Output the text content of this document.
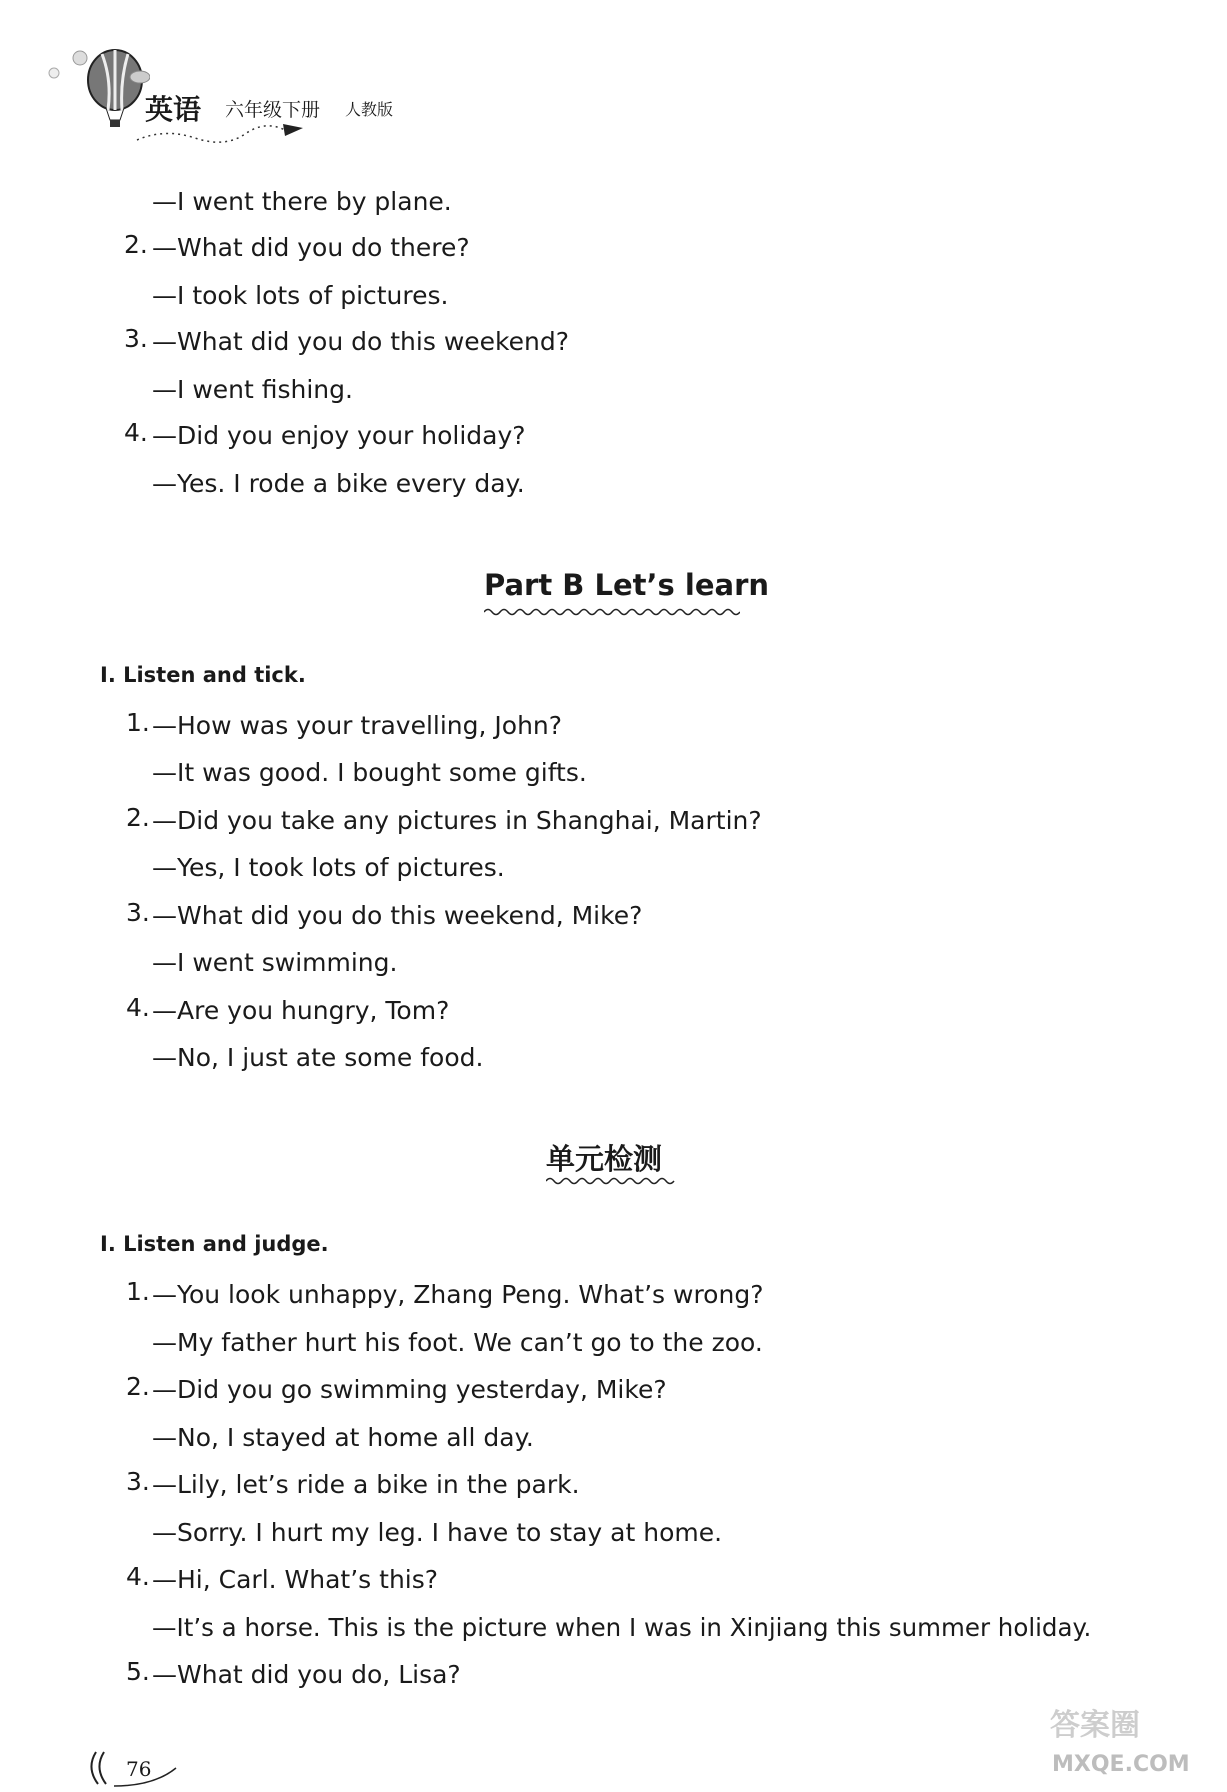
英语 六年级下册 人教版
2.
3.
4.
—I went there by plane.
—What did you do there?
—I took lots of pictures.
—What did you do this weekend?
—I went fishing.
—Did you enjoy your holiday?
—Yes. I rode a bike every day.
Part B Let’s learn
Ⅰ. Listen and tick.
1.
2.
3.
4.
—How was your travelling, John?
—It was good. I bought some gifts.
—Did you take any pictures in Shanghai, Martin?
—Yes, I took lots of pictures.
—What did you do this weekend, Mike?
—I went swimming.
—Are you hungry, Tom?
—No, I just ate some food.
单元检测
Ⅰ. Listen and judge.
1.
2.
3.
4.
5.
—You look unhappy, Zhang Peng. What’s wrong?
—My father hurt his foot. We can’t go to the zoo.
—Did you go swimming yesterday, Mike?
—No, I stayed at home all day.
—Lily, let’s ride a bike in the park.
—Sorry. I hurt my leg. I have to stay at home.
—Hi, Carl. What’s this?
—It’s a horse. This is the picture when I was in Xinjiang this summer holiday.
—What did you do, Lisa?
76
答案圈
MXQE.COM
